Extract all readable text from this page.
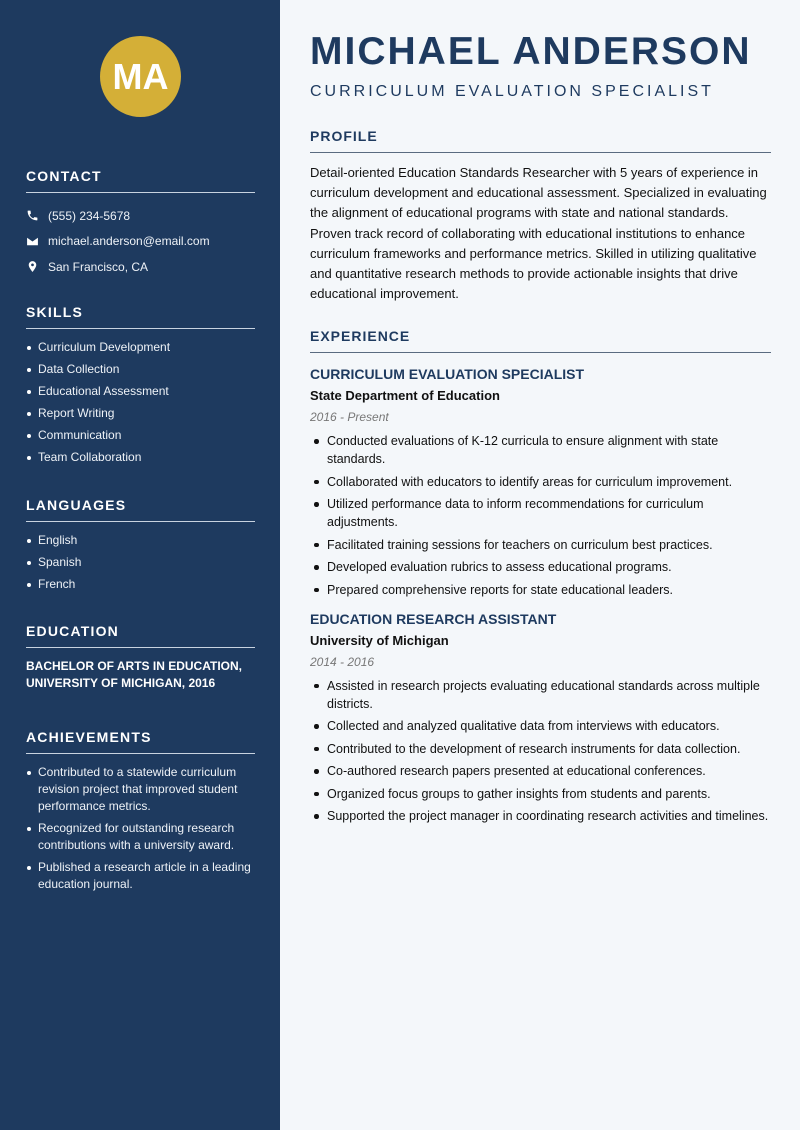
MA
CONTACT
(555) 234-5678
michael.anderson@email.com
San Francisco, CA
SKILLS
Curriculum Development
Data Collection
Educational Assessment
Report Writing
Communication
Team Collaboration
LANGUAGES
English
Spanish
French
EDUCATION
BACHELOR OF ARTS IN EDUCATION, UNIVERSITY OF MICHIGAN, 2016
ACHIEVEMENTS
Contributed to a statewide curriculum revision project that improved student performance metrics.
Recognized for outstanding research contributions with a university award.
Published a research article in a leading education journal.
MICHAEL ANDERSON
CURRICULUM EVALUATION SPECIALIST
PROFILE
Detail-oriented Education Standards Researcher with 5 years of experience in curriculum development and educational assessment. Specialized in evaluating the alignment of educational programs with state and national standards. Proven track record of collaborating with educational institutions to enhance curriculum frameworks and performance metrics. Skilled in utilizing qualitative and quantitative research methods to provide actionable insights that drive educational improvement.
EXPERIENCE
CURRICULUM EVALUATION SPECIALIST
State Department of Education
2016 - Present
Conducted evaluations of K-12 curricula to ensure alignment with state standards.
Collaborated with educators to identify areas for curriculum improvement.
Utilized performance data to inform recommendations for curriculum adjustments.
Facilitated training sessions for teachers on curriculum best practices.
Developed evaluation rubrics to assess educational programs.
Prepared comprehensive reports for state educational leaders.
EDUCATION RESEARCH ASSISTANT
University of Michigan
2014 - 2016
Assisted in research projects evaluating educational standards across multiple districts.
Collected and analyzed qualitative data from interviews with educators.
Contributed to the development of research instruments for data collection.
Co-authored research papers presented at educational conferences.
Organized focus groups to gather insights from students and parents.
Supported the project manager in coordinating research activities and timelines.
